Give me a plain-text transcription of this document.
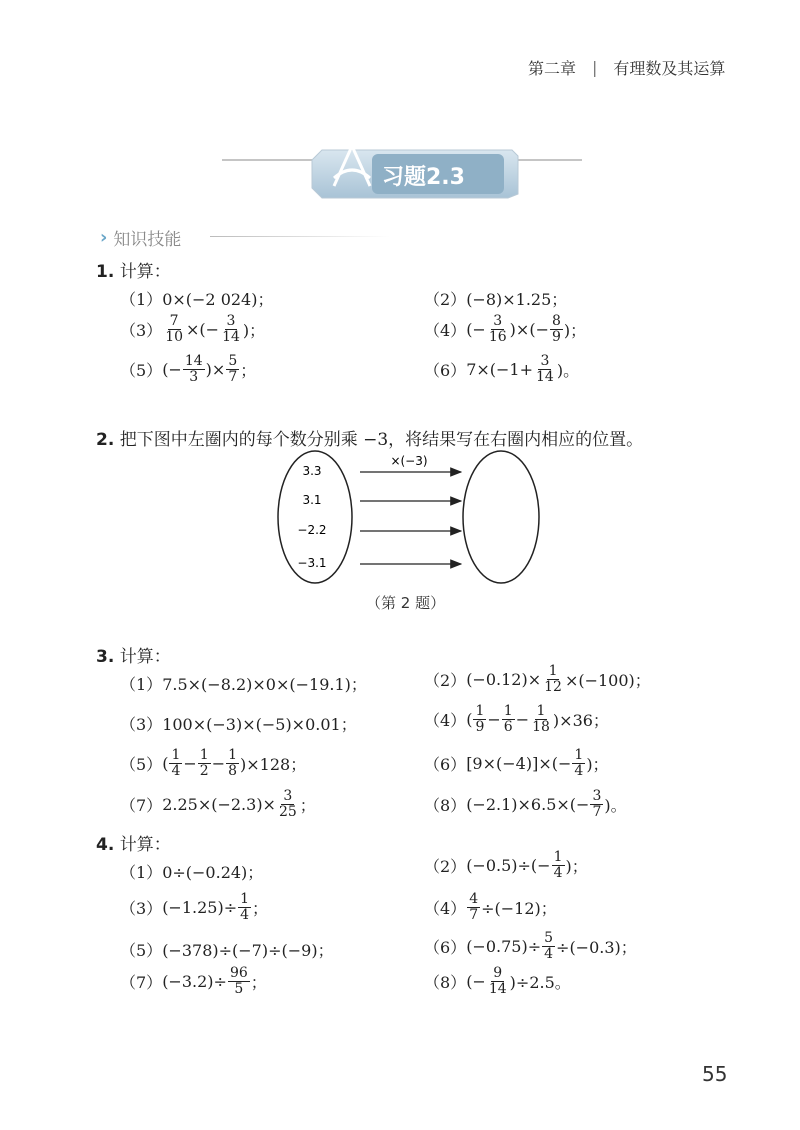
第二章 | 有理数及其运算
习题2.3
› 知识技能
1. 计算：
（1） 0×(−2 024)；	（2） (−8)×1.25；
$(3) \frac{7}{10}$ ×(− $\frac{3}{14}$ )；	（4） (− $\frac{3}{16}$ )×(− $\frac{8}{9}$ )；
（5） (− $\frac{14}{3}$ )× $\frac{5}{7}$ ；	（6） $7\times(-1+ \frac{3}{14}$ )。
2. 把下图中左圈内的每个数分别乘 −3，将结果写在右圈内相应的位置。
3.3
3.1
−2.2
−3.1
×(−3)
（第 2 题）
3. 计算：
（1） 7.5×(−8.2)×0×(−19.1)；	（2） $(-0.12)\times \frac{1}{12} \times(-100)$；
（3） 100×(−3)×(−5)×0.01；	（4） ( $\frac{1}{9} - \frac{1}{6} - \frac{1}{18} )\times 36$；
（5） ( $\frac{1}{4} - \frac{1}{2} - \frac{1}{8} )\times 128$；	（6） $[9\times(-4)]\times(- \frac{1}{4}$ )；
（7） $2.25\times(-2.3)\times \frac{3}{25}$ ；	（8） $(-2.1)\times 6.5\times(- \frac{3}{7}$ )。
4. 计算：
（1） 0÷(−0.24)；	（2） $(-0.5)\div(- \frac{1}{4}$ )；
（3） $(-1.25)\div \frac{1}{4}$ ；	$(4) \frac{4}{7} \div(-12)$；
（5） (−378)÷(−7)÷(−9)；	（6） $(-0.75)\div \frac{5}{4} \div(-0.3)$；
（7） $(-3.2)\div \frac{96}{5}$ ；	（8） (− $\frac{9}{14} )\div 2.5$。
55
